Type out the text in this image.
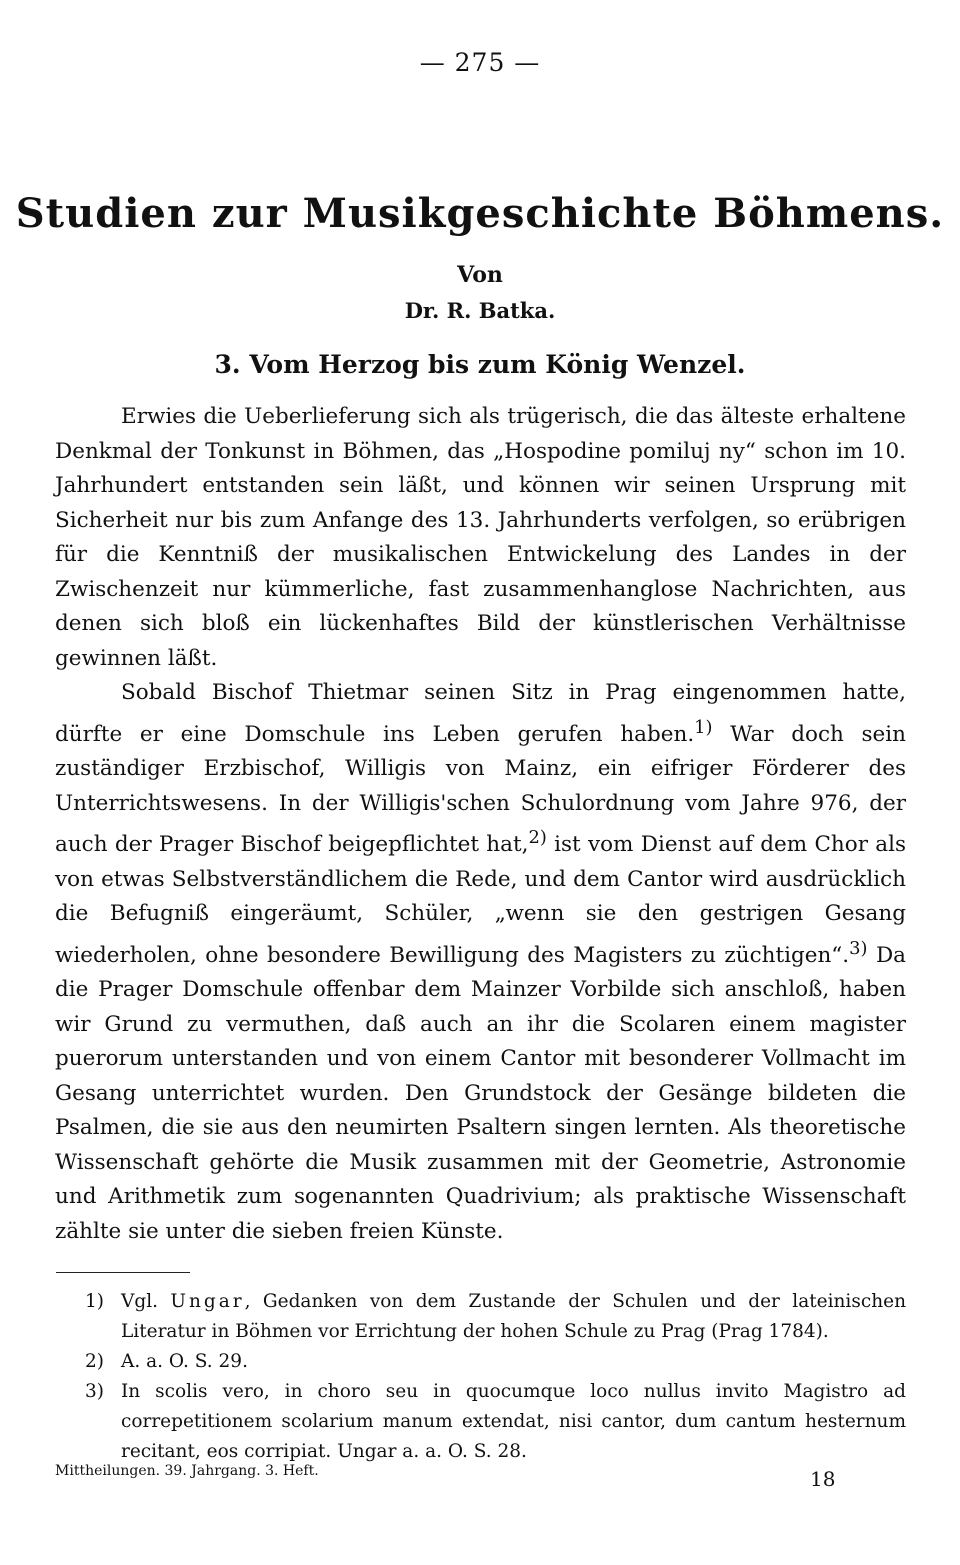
— 275 —
Studien zur Musikgeschichte Böhmens.
Von
Dr. R. Batka.
3. Vom Herzog bis zum König Wenzel.

Erwies die Ueberlieferung sich als trügerisch, die das älteste erhaltene Denkmal der Tonkunst in Böhmen, das „Hospodine pomiluj ny“ schon im 10. Jahrhundert entstanden sein läßt, und können wir seinen Ursprung mit Sicherheit nur bis zum Anfange des 13. Jahrhunderts verfolgen, so erübrigen für die Kenntniß der musikalischen Entwickelung des Landes in der Zwischenzeit nur kümmerliche, fast zusammenhanglose Nachrichten, aus denen sich bloß ein lückenhaftes Bild der künstlerischen Verhältnisse gewinnen läßt.

Sobald Bischof Thietmar seinen Sitz in Prag eingenommen hatte, dürfte er eine Domschule ins Leben gerufen haben.$^{1)}$ War doch sein zuständiger Erzbischof, Willigis von Mainz, ein eifriger Förderer des Unterrichtswesens. In der Willigis'schen Schulordnung vom Jahre 976, der auch der Prager Bischof beigepflichtet hat,$^{2)}$ ist vom Dienst auf dem Chor als von etwas Selbstverständlichem die Rede, und dem Cantor wird ausdrücklich die Befugniß eingeräumt, Schüler, „wenn sie den gestrigen Gesang wiederholen, ohne besondere Bewilligung des Magisters zu züchtigen“.$^{3)}$ Da die Prager Domschule offenbar dem Mainzer Vorbilde sich anschloß, haben wir Grund zu vermuthen, daß auch an ihr die Scolaren einem magister puerorum unterstanden und von einem Cantor mit besonderer Vollmacht im Gesang unterrichtet wurden. Den Grundstock der Gesänge bildeten die Psalmen, die sie aus den neumirten Psaltern singen lernten. Als theoretische Wissenschaft gehörte die Musik zusammen mit der Geometrie, Astronomie und Arithmetik zum sogenannten Quadrivium; als praktische Wissenschaft zählte sie unter die sieben freien Künste.

1) Vgl. Ungar, Gedanken von dem Zustande der Schulen und der lateinischen Literatur in Böhmen vor Errichtung der hohen Schule zu Prag (Prag 1784).
2) A. a. O. S. 29.
3) In scolis vero, in choro seu in quocumque loco nullus invito Magistro ad correpetitionem scolarium manum extendat, nisi cantor, dum cantum hesternum recitant, eos corripiat. Ungar a. a. O. S. 28.
Mittheilungen. 39. Jahrgang. 3. Heft.	18
